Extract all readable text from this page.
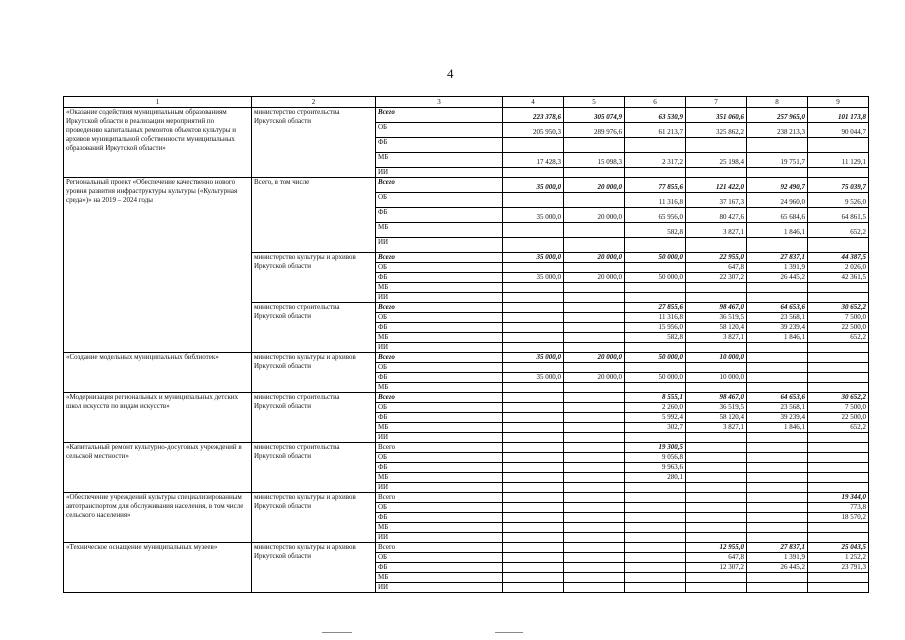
4
1	2	3	4	5	6	7	8	9
«Оказание содействия муниципальным образованиям Иркутской области в реализации мероприятий по проведению капитальных ремонтов объектов культуры и архивов муниципальной собственности муниципальных образований Иркутской области»	министерство строительства Иркутской области	Всего	223 378,6	305 074,9	63 530,9	351 060,6	257 965,0	101 173,8
		ОБ	205 950,3	289 976,6	61 213,7	325 862,2	238 213,3	90 044,7
		ФБ						
		МБ	17 428,3	15 098,3	2 317,2	25 198,4	19 751,7	11 129,1
		ИИ						
Региональный проект «Обеспечение качественно нового уровня развития инфраструктуры культуры («Культурная среда»)» на 2019 – 2024 годы	Всего, в том числе	Всего	35 000,0	20 000,0	77 855,6	121 422,0	92 490,7	75 039,7
		ОБ			11 316,8	37 167,3	24 960,0	9 526,0
		ФБ	35 000,0	20 000,0	65 956,0	80 427,6	65 684,6	64 861,5
		МБ			582,8	3 827,1	1 846,1	652,2
		ИИ						
	министерство культуры и архивов Иркутской области	Всего	35 000,0	20 000,0	50 000,0	22 955,0	27 837,1	44 387,5
		ОБ				647,8	1 391,9	2 026,0
		ФБ	35 000,0	20 000,0	50 000,0	22 307,2	26 445,2	42 361,5
		МБ						
		ИИ						
	министерство строительства Иркутской области	Всего			27 855,6	98 467,0	64 653,6	30 652,2
		ОБ			11 316,8	36 519,5	23 568,1	7 500,0
		ФБ			15 956,0	58 120,4	39 239,4	22 500,0
		МБ			582,8	3 827,1	1 846,1	652,2
		ИИ						
«Создание модельных муниципальных библиотек»	министерство культуры и архивов Иркутской области	Всего	35 000,0	20 000,0	50 000,0	10 000,0		
		ОБ						
		ФБ	35 000,0	20 000,0	50 000,0	10 000,0		
		МБ						
«Модернизация региональных и муниципальных детских школ искусств по видам искусств»	министерство строительства Иркутской области	Всего			8 555,1	98 467,0	64 653,6	30 652,2
		ОБ			2 260,0	36 519,5	23 568,1	7 500,0
		ФБ			5 992,4	58 120,4	39 239,4	22 500,0
		МБ			302,7	3 827,1	1 846,1	652,2
		ИИ						
«Капитальный ремонт культурно-досуговых учреждений в сельской местности»	министерство строительства Иркутской области	Всего			19 300,5			
		ОБ			9 056,8			
		ФБ			9 963,6			
		МБ			280,1			
		ИИ						
«Обеспечение учреждений культуры специализированным автотранспортом для обслуживания населения, в том числе сельского населения»	министерство культуры и архивов Иркутской области	Всего						19 344,0
		ОБ						773,8
		ФБ						18 570,2
		МБ						
		ИИ						
«Техническое оснащение муниципальных музеев»	министерство культуры и архивов Иркутской области	Всего				12 955,0	27 837,1	25 043,5
		ОБ				647,8	1 391,9	1 252,2
		ФБ				12 307,2	26 445,2	23 791,3
		МБ						
		ИИ						
